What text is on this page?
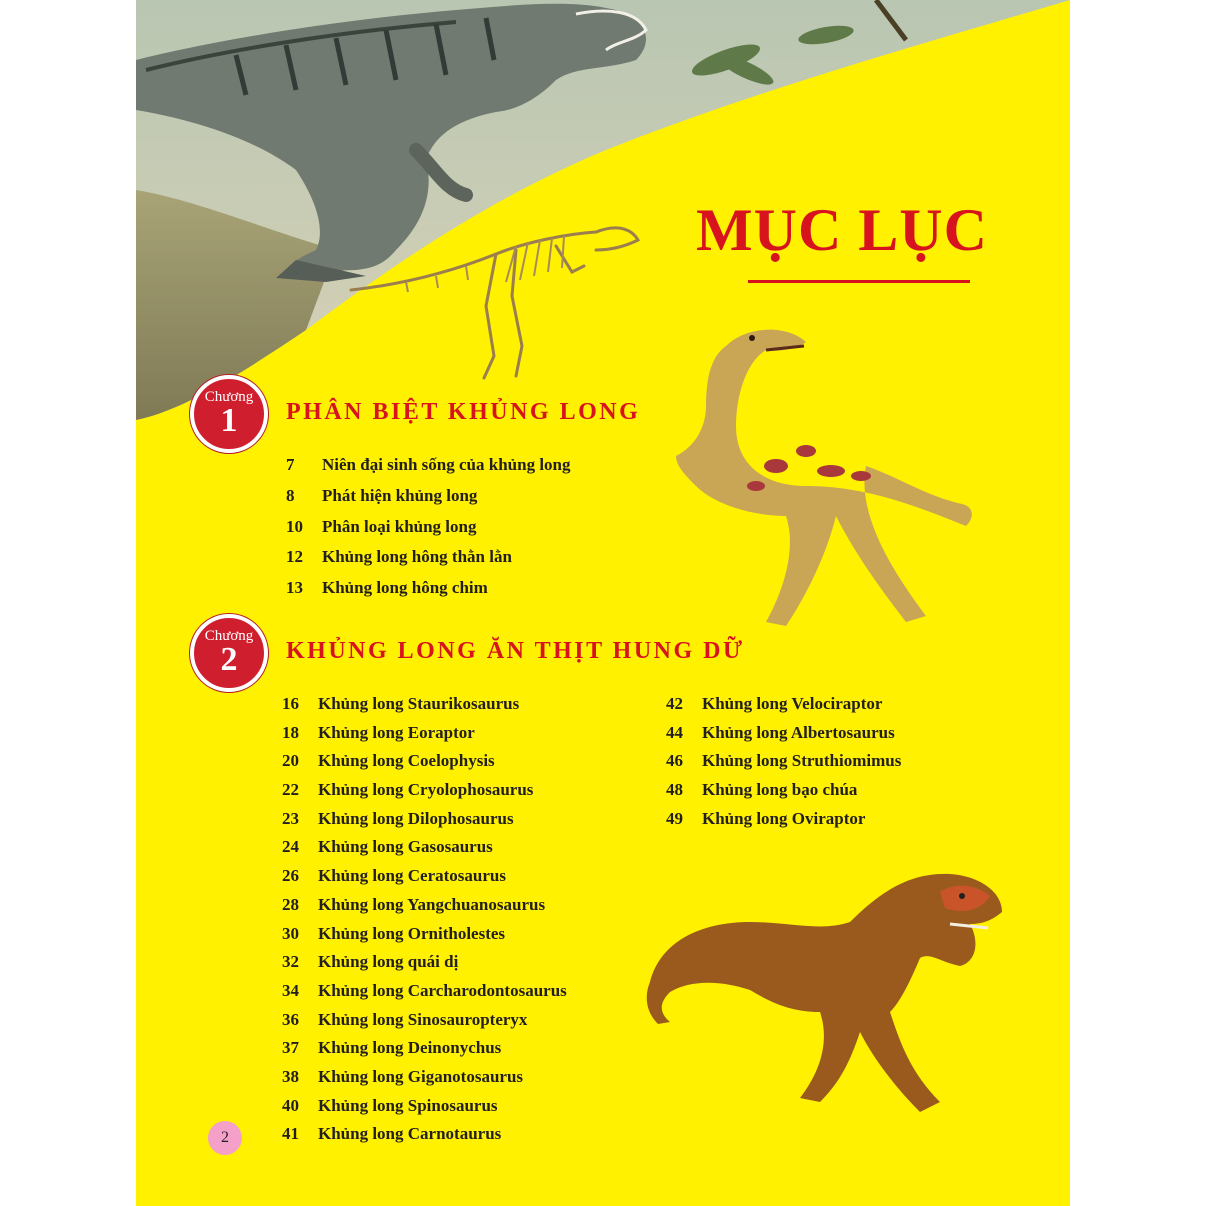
MỤC LỤC
Chương
1	PHÂN BIỆT KHỦNG LONG
7 Niên đại sinh sống của khủng long
8 Phát hiện khủng long
10 Phân loại khủng long
12 Khủng long hông thằn lằn
13 Khủng long hông chim
Chương
2	KHỦNG LONG ĂN THỊT HUNG DỮ
16 Khủng long Staurikosaurus
18 Khủng long Eoraptor
20 Khủng long Coelophysis
22 Khủng long Cryolophosaurus
23 Khủng long Dilophosaurus
24 Khủng long Gasosaurus
26 Khủng long Ceratosaurus
28 Khủng long Yangchuanosaurus
30 Khủng long Ornitholestes
32 Khủng long quái dị
34 Khủng long Carcharodontosaurus
36 Khủng long Sinosauropteryx
37 Khủng long Deinonychus
38 Khủng long Giganotosaurus
40 Khủng long Spinosaurus
41 Khủng long Carnotaurus
42 Khủng long Velociraptor
44 Khủng long Albertosaurus
46 Khủng long Struthiomimus
48 Khủng long bạo chúa
49 Khủng long Oviraptor
2
